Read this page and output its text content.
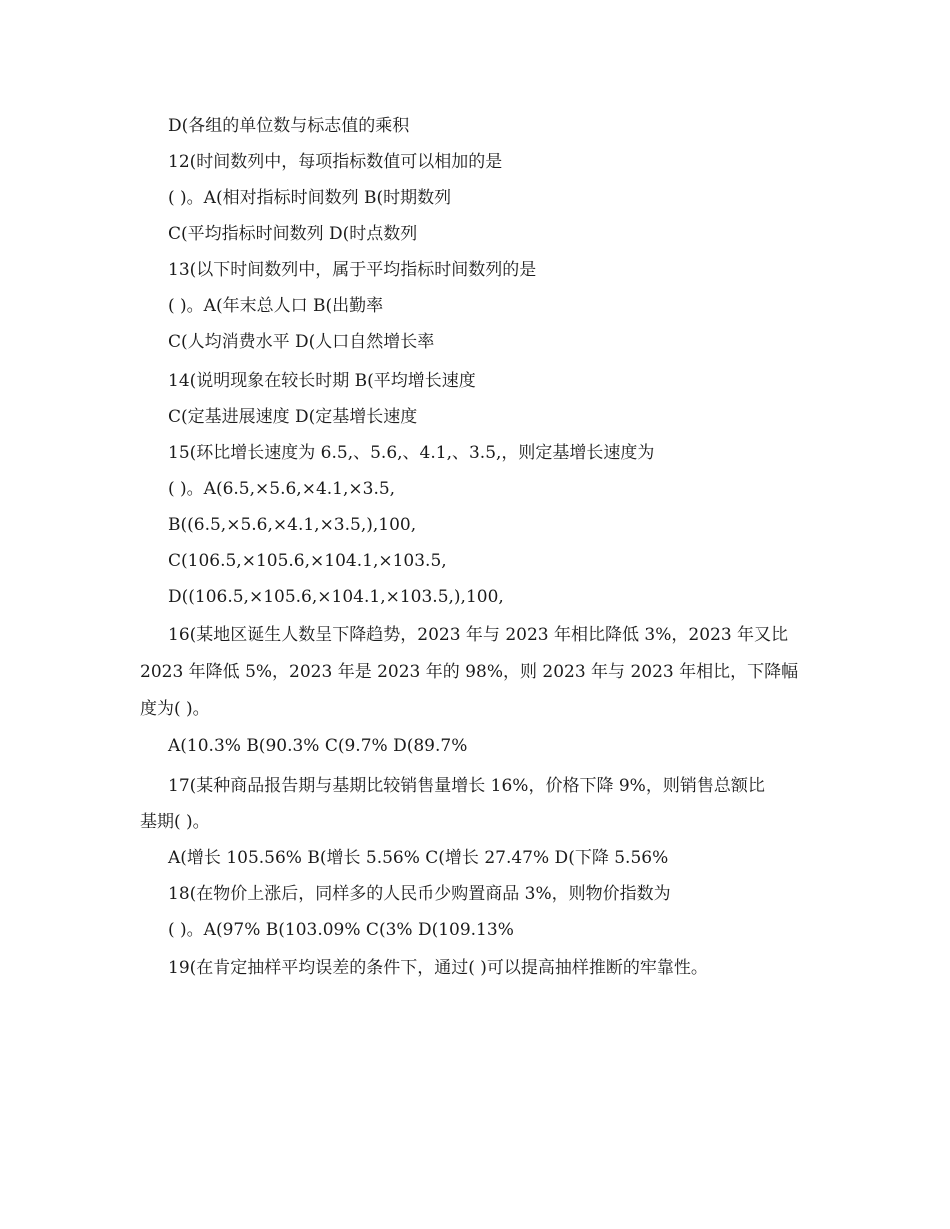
D(各组的单位数与标志值的乘积
12(时间数列中，每项指标数值可以相加的是
( )。A(相对指标时间数列 B(时期数列
C(平均指标时间数列 D(时点数列
13(以下时间数列中，属于平均指标时间数列的是
( )。A(年末总人口 B(出勤率
C(人均消费水平 D(人口自然增长率
14(说明现象在较长时期 B(平均增长速度
C(定基进展速度 D(定基增长速度
15(环比增长速度为 6.5,、5.6,、4.1,、3.5,，则定基增长速度为
( )。A(6.5,×5.6,×4.1,×3.5,
B((6.5,×5.6,×4.1,×3.5,),100,
C(106.5,×105.6,×104.1,×103.5,
D((106.5,×105.6,×104.1,×103.5,),100,
16(某地区诞生人数呈下降趋势，2023 年与 2023 年相比降低 3%，2023 年又比
2023 年降低 5%，2023 年是 2023 年的 98%，则 2023 年与 2023 年相比，下降幅
度为( )。
A(10.3% B(90.3% C(9.7% D(89.7%
17(某种商品报告期与基期比较销售量增长 16%，价格下降 9%，则销售总额比
基期( )。
A(增长 105.56% B(增长 5.56% C(增长 27.47% D(下降 5.56%
18(在物价上涨后，同样多的人民币少购置商品 3%，则物价指数为
( )。A(97% B(103.09% C(3% D(109.13%
19(在肯定抽样平均误差的条件下，通过( )可以提高抽样推断的牢靠性。
